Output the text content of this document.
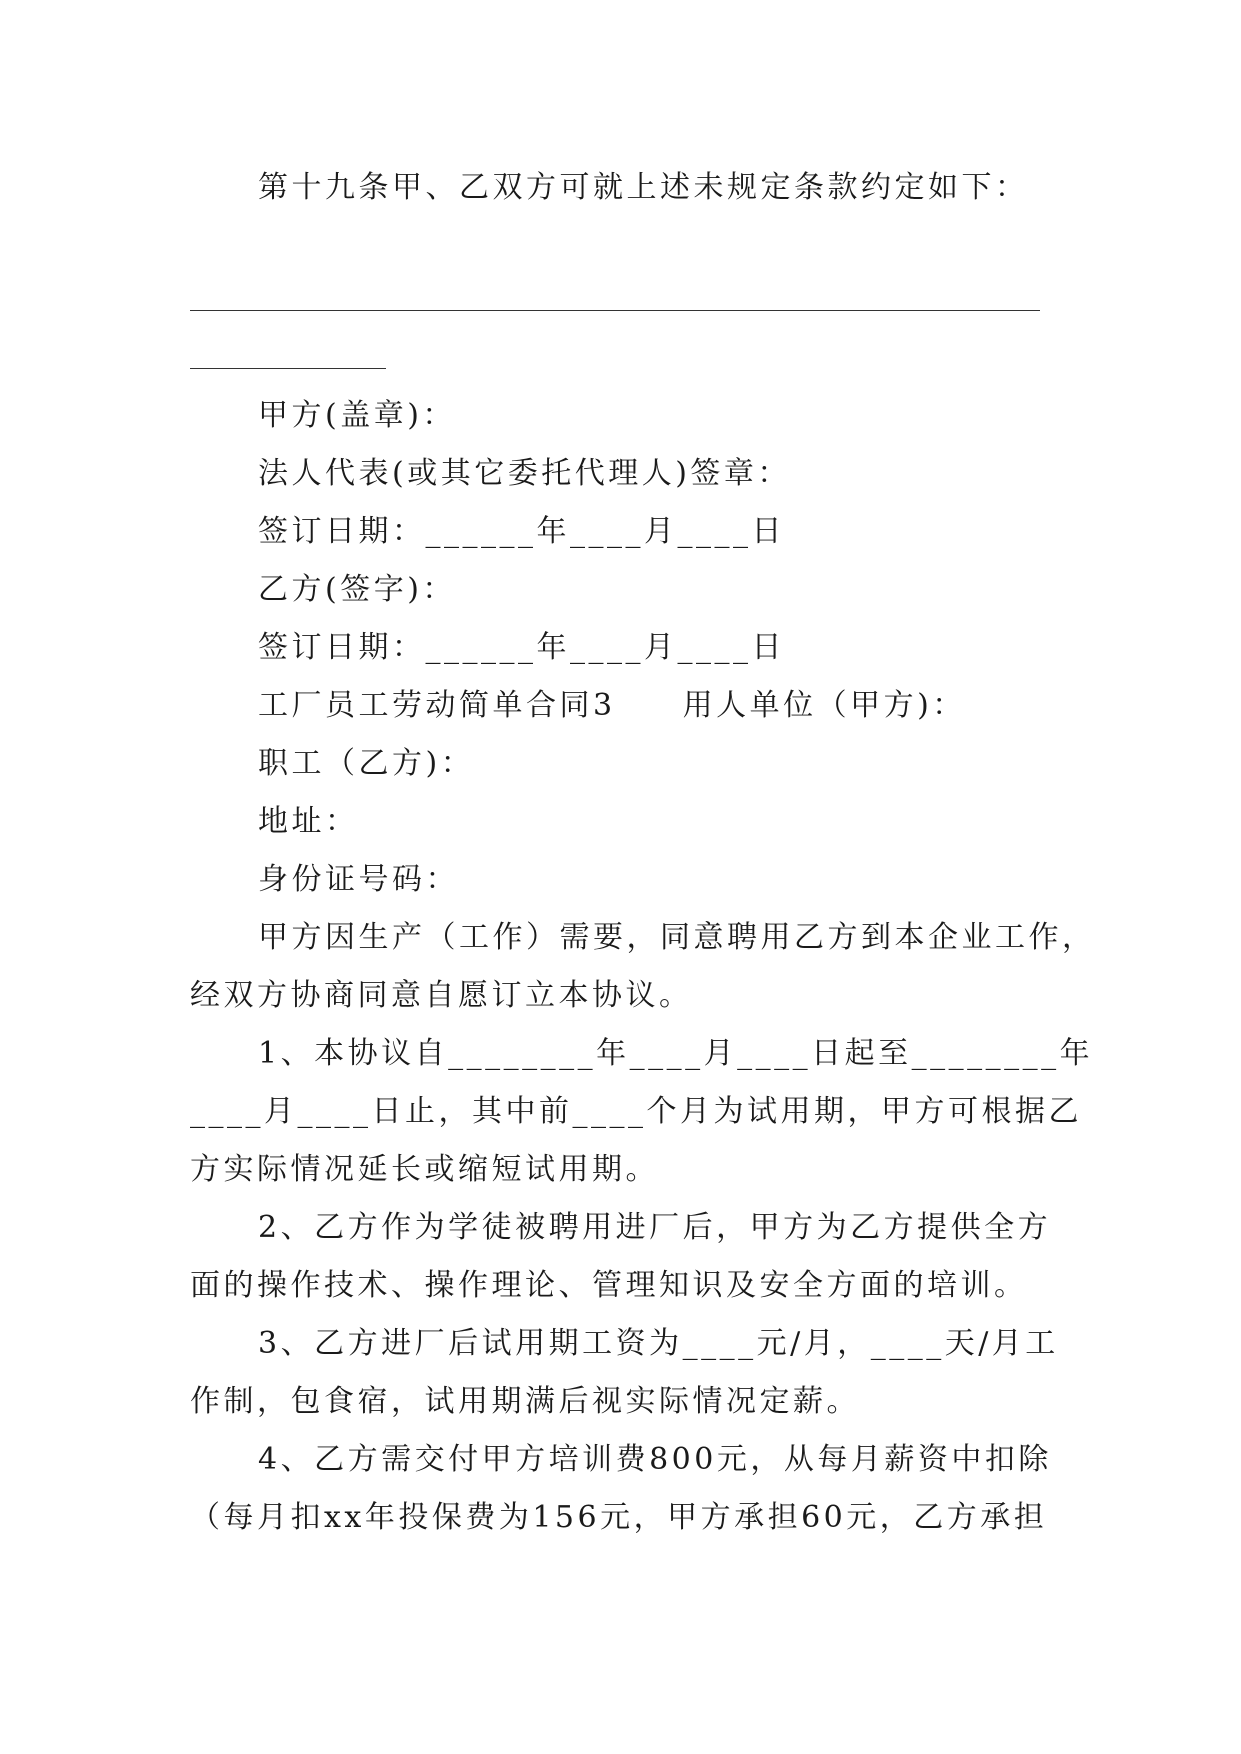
第十九条甲、乙双方可就上述未规定条款约定如下：

甲方(盖章)：

法人代表(或其它委托代理人)签章：

签订日期：______年____月____日

乙方(签字)：

签订日期：______年____月____日

工厂员工劳动简单合同3　　用人单位（甲方)：

职工（乙方)：

地址：

身份证号码：

甲方因生产（工作）需要，同意聘用乙方到本企业工作，

经双方协商同意自愿订立本协议。

1、本协议自________年____月____日起至________年

____月____日止，其中前____个月为试用期，甲方可根据乙

方实际情况延长或缩短试用期。

2、乙方作为学徒被聘用进厂后，甲方为乙方提供全方

面的操作技术、操作理论、管理知识及安全方面的培训。

3、乙方进厂后试用期工资为____元/月，____天/月工

作制，包食宿，试用期满后视实际情况定薪。

4、乙方需交付甲方培训费800元，从每月薪资中扣除

（每月扣xx年投保费为156元，甲方承担60元，乙方承担
